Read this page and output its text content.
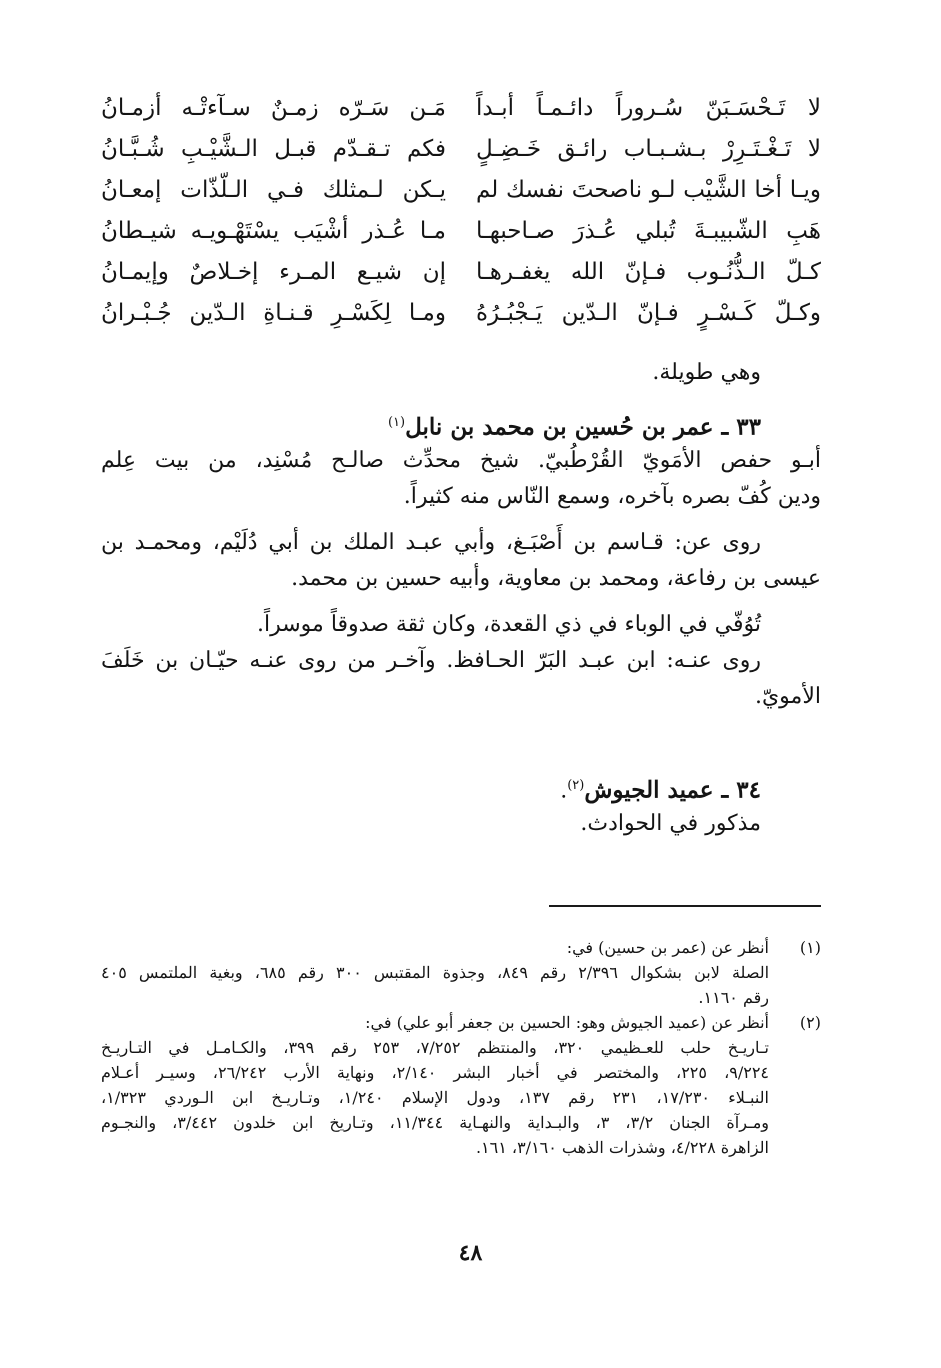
لا تَـحْسَـبَنّ سُـروراً دائـمـاً أبـداً
مَـن سَـرّه زمـنٌ سـآءتْـه أزمـانُ
لا تَـغْـتَـرِرْ بـشـبـاب رائـق خَـضِـلٍ
فكم تـقـدّم قبـل الـشَّيْـبِ شُـبَّـانُ
ويـا أخا الشَّيْب لـو ناصحتَ نفسك لم
يـكن لـمثلك فـي الـلّذّات إمعـانُ
هَبِ الشّبيبـةَ تُبلي عُـذرَ صـاحبهـا
مـا عُـذر أشْيَب يسْتَهْـويـه شيـطانُ
كـلّ الـذُّنُـوب فـإنّ الله يغفـرهـا
إن شيـع المـرء إخـلاصٌ وإيمـانُ
وكـلّ كَـسْـرٍ فـإنّ الـدّين يَـجْبُـرُهُ
ومـا لِكَسْـرِ قـنـاةِ الـدّين جُـبْـرانُ
وهي طويلة.
٣٣ ـ عمر بن حُسين بن محمد بن نابل$^{(١)}$
أبـو حفص الأمَويّ القُرْطُبيّ. شيخ محدِّث صالـح مُسْنِد، من بيت عِلم
ودين كُفّ بصره بآخره، وسمع النّاس منه كثيراً.
روى عن: قـاسم بن أَصْبَـغ، وأبي عبـد الملك بن أبي دُلَيْم، ومحمـد بن
عيسى بن رفاعة، ومحمد بن معاوية، وأبيه حسين بن محمد.
تُوُفّي في الوباء في ذي القعدة، وكان ثقة صدوقاً موسراً.
روى عنـه: ابن عبـد البَرّ الحـافظ. وآخـر من روى عنـه حيّـان بن خَلَفَ
الأمويّ.
٣٤ ـ عميد الجيوش$^{(٢)}$.
مذكور في الحوادث.
(١)
أنظر عن (عمر بن حسين) في:
الصلة لابن بشكوال ٢/٣٩٦ رقم ٨٤٩، وجذوة المقتبس ٣٠٠ رقم ٦٨٥، وبغية الملتمس ٤٠٥
رقم ١١٦٠.
(٢)
أنظر عن (عميد الجيوش وهو: الحسين بن جعفر أبو علي) في:
تـاريـخ حلب للعـظيمي ٣٢٠، والمنتظم ٧/٢٥٢، ٢٥٣ رقم ٣٩٩، والكـامـل في التـاريـخ
٩/٢٢٤، ٢٢٥، والمختصر في أخبار البشر ٢/١٤٠، ونهاية الأرب ٢٦/٢٤٢، وسيـر أعـلام
النبـلاء ١٧/٢٣٠، ٢٣١ رقم ١٣٧، ودول الإسلام ١/٢٤٠، وتـاريـخ ابن الـوردي ١/٣٢٣،
ومـرآة الجنان ٣/٢، ٣، والبـداية والنهـاية ١١/٣٤٤، وتـاريخ ابن خلدون ٣/٤٤٢، والنجـوم
الزاهرة ٤/٢٢٨، وشذرات الذهب ٣/١٦٠، ١٦١.
٤٨
